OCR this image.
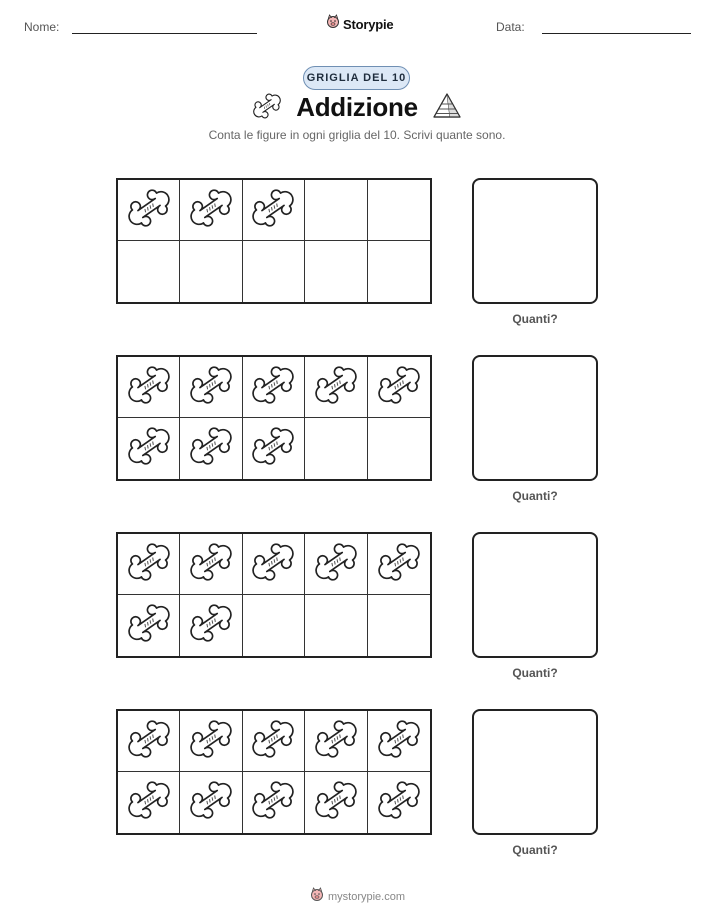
Nome:	Storypie	Data:
GRIGLIA DEL 10
Addizione
Conta le figure in ogni griglia del 10. Scrivi quante sono.
Quanti?
Quanti?
Quanti?
Quanti?
mystorypie.com
